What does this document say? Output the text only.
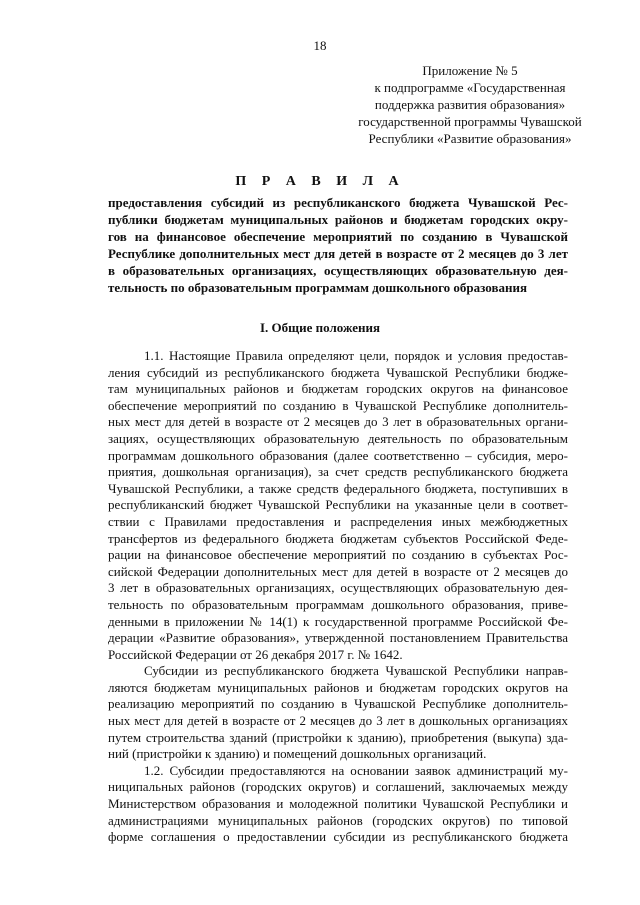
18
Приложение № 5
к подпрограмме «Государственная
поддержка развития образования»
государственной программы Чувашской
Республики «Развитие образования»
П Р А В И Л А
предоставления субсидий из республиканского бюджета Чувашской Рес-
публики бюджетам муниципальных районов и бюджетам городских окру-
гов на финансовое обеспечение мероприятий по созданию в Чувашской
Республике дополнительных мест для детей в возрасте от 2 месяцев до 3 лет
в образовательных организациях, осуществляющих образовательную дея-
тельность по образовательным программам дошкольного образования
I. Общие положения
1.1. Настоящие Правила определяют цели, порядок и условия предостав-
ления субсидий из республиканского бюджета Чувашской Республики бюдже-
там муниципальных районов и бюджетам городских округов на финансовое
обеспечение мероприятий по созданию в Чувашской Республике дополнитель-
ных мест для детей в возрасте от 2 месяцев до 3 лет в образовательных органи-
зациях, осуществляющих образовательную деятельность по образовательным
программам дошкольного образования (далее соответственно – субсидия, меро-
приятия, дошкольная организация), за счет средств республиканского бюджета
Чувашской Республики, а также средств федерального бюджета, поступивших в
республиканский бюджет Чувашской Республики на указанные цели в соответ-
ствии с Правилами предоставления и распределения иных межбюджетных
трансфертов из федерального бюджета бюджетам субъектов Российской Феде-
рации на финансовое обеспечение мероприятий по созданию в субъектах Рос-
сийской Федерации дополнительных мест для детей в возрасте от 2 месяцев до
3 лет в образовательных организациях, осуществляющих образовательную дея-
тельность по образовательным программам дошкольного образования, приве-
денными в приложении № 14(1) к государственной программе Российской Фе-
дерации «Развитие образования», утвержденной постановлением Правительства
Российской Федерации от 26 декабря 2017 г. № 1642.
Субсидии из республиканского бюджета Чувашской Республики направ-
ляются бюджетам муниципальных районов и бюджетам городских округов на
реализацию мероприятий по созданию в Чувашской Республике дополнитель-
ных мест для детей в возрасте от 2 месяцев до 3 лет в дошкольных организациях
путем строительства зданий (пристройки к зданию), приобретения (выкупа) зда-
ний (пристройки к зданию) и помещений дошкольных организаций.
1.2. Субсидии предоставляются на основании заявок администраций му-
ниципальных районов (городских округов) и соглашений, заключаемых между
Министерством образования и молодежной политики Чувашской Республики и
администрациями муниципальных районов (городских округов) по типовой
форме соглашения о предоставлении субсидии из республиканского бюджета
